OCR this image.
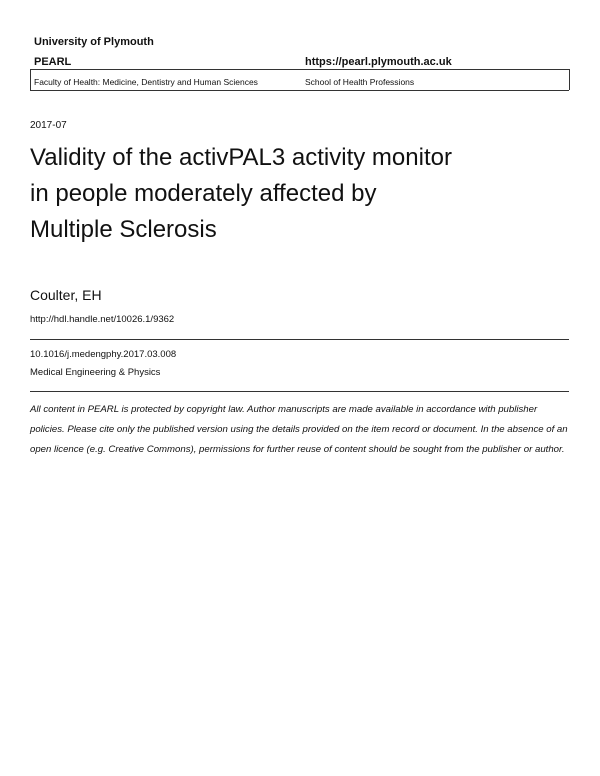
University of Plymouth
PEARL	https://pearl.plymouth.ac.uk
Faculty of Health: Medicine, Dentistry and Human Sciences	School of Health Professions
2017-07
Validity of the activPAL3 activity monitor
in people moderately affected by
Multiple Sclerosis
Coulter, EH
http://hdl.handle.net/10026.1/9362
10.1016/j.medengphy.2017.03.008
Medical Engineering & Physics

All content in PEARL is protected by copyright law. Author manuscripts are made available in accordance with publisher policies. Please cite only the published version using the details provided on the item record or document. In the absence of an open licence (e.g. Creative Commons), permissions for further reuse of content should be sought from the publisher or author.
